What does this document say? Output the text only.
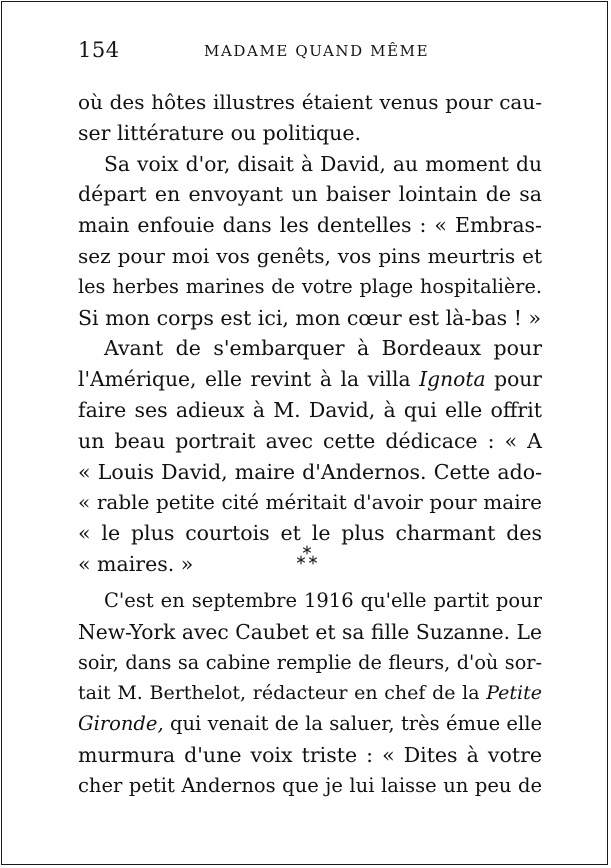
154	MADAME QUAND MÊME
où des hôtes illustres étaient venus pour cau-
ser littérature ou politique.
Sa voix d'or, disait à David, au moment du
départ en envoyant un baiser lointain de sa
main enfouie dans les dentelles : « Embras-
sez pour moi vos genêts, vos pins meurtris et
les herbes marines de votre plage hospitalière.
Si mon corps est ici, mon cœur est là-bas ! »
Avant de s'embarquer à Bordeaux pour
l'Amérique, elle revint à la villa Ignota pour
faire ses adieux à M. David, à qui elle offrit
un beau portrait avec cette dédicace : « A
« Louis David, maire d'Andernos. Cette ado-
« rable petite cité méritait d'avoir pour maire
« le plus courtois et le plus charmant des
« maires. »
C'est en septembre 1916 qu'elle partit pour
New-York avec Caubet et sa fille Suzanne. Le
soir, dans sa cabine remplie de fleurs, d'où sor-
tait M. Berthelot, rédacteur en chef de la Petite
Gironde, qui venait de la saluer, très émue elle
murmura d'une voix triste : « Dites à votre
cher petit Andernos que je lui laisse un peu de
